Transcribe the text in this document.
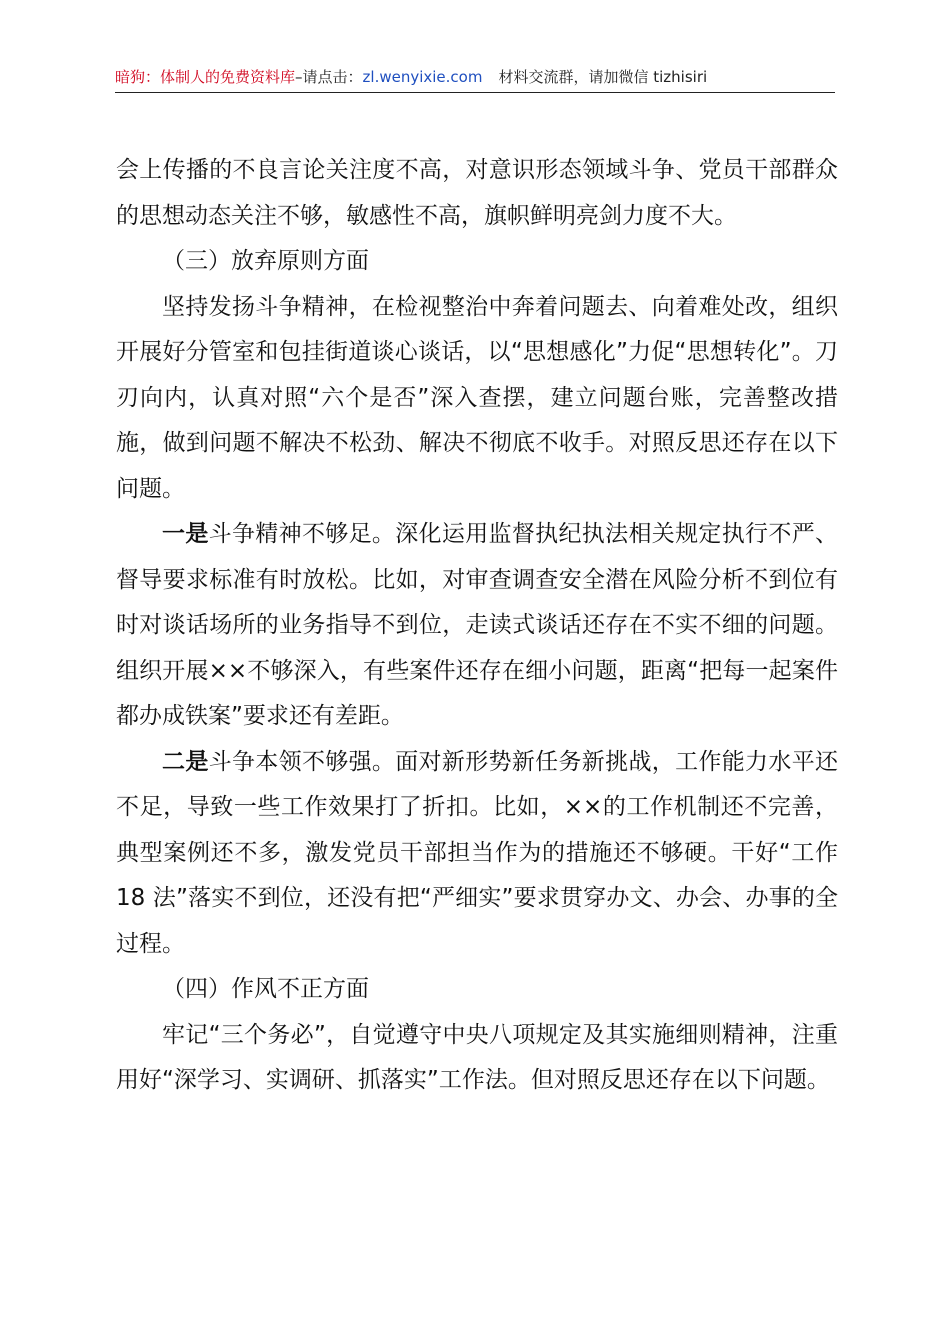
暗狗：体制人的免费资料库–请点击：zl.wenyixie.com 材料交流群，请加微信 tizhisiri

会上传播的不良言论关注度不高，对意识形态领域斗争、党员干部群众的思想动态关注不够，敏感性不高，旗帜鲜明亮剑力度不大。

（三）放弃原则方面

坚持发扬斗争精神，在检视整治中奔着问题去、向着难处改，组织开展好分管室和包挂街道谈心谈话，以“思想感化”力促“思想转化”。刀刃向内，认真对照“六个是否”深入查摆，建立问题台账，完善整改措施，做到问题不解决不松劲、解决不彻底不收手。对照反思还存在以下问题。

一是斗争精神不够足。深化运用监督执纪执法相关规定执行不严、督导要求标准有时放松。比如，对审查调查安全潜在风险分析不到位有时对谈话场所的业务指导不到位，走读式谈话还存在不实不细的问题。组织开展××不够深入，有些案件还存在细小问题，距离“把每一起案件都办成铁案”要求还有差距。

二是斗争本领不够强。面对新形势新任务新挑战，工作能力水平还不足，导致一些工作效果打了折扣。比如，××的工作机制还不完善，典型案例还不多，激发党员干部担当作为的措施还不够硬。干好“工作 18 法”落实不到位，还没有把“严细实”要求贯穿办文、办会、办事的全过程。

（四）作风不正方面

牢记“三个务必”，自觉遵守中央八项规定及其实施细则精神，注重用好“深学习、实调研、抓落实”工作法。但对照反思还存在以下问题。
